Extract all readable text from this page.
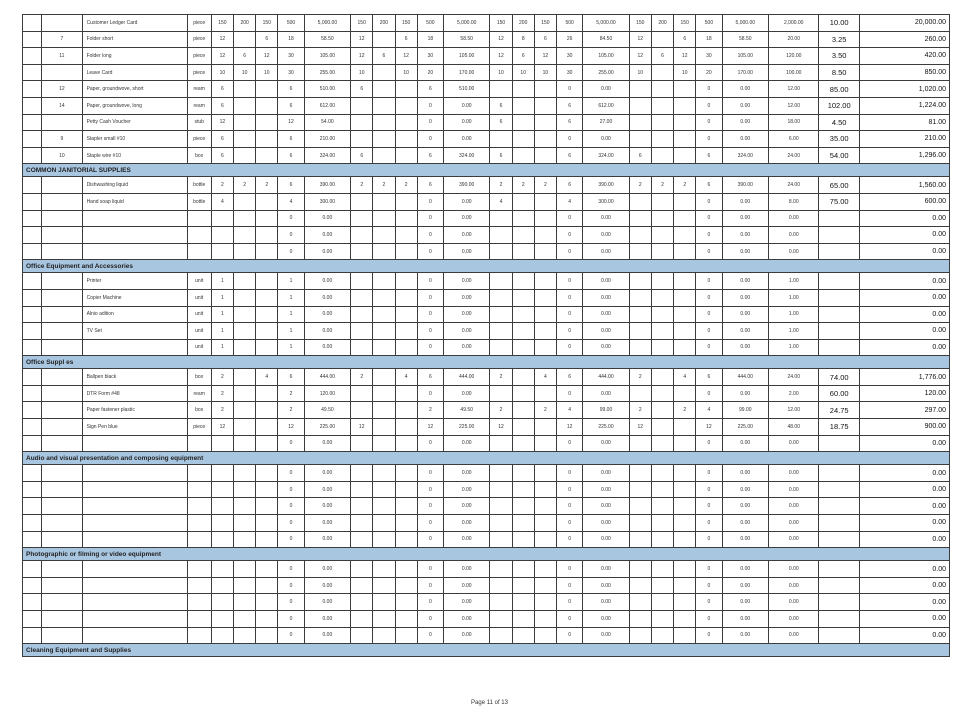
		Customer Ledger Card	piece	150	200	150	500	5,000.00	150	200	150	500	5,000.00	150	200	150	500	5,000.00	150	200	150	500	5,000.00	2,000.00	10.00	20,000.00
	7	Folder short	piece	12		6	18	58.50	12		6	18	58.50	12	8	6	26	84.50	12		6	18	58.50	20.00	3.25	260.00
	11	Folder long	piece	12	6	12	30	105.00	12	6	12	30	105.00	12	6	12	30	105.00	12	6	12	30	105.00	120.00	3.50	420.00
		Leave Card	piece	10	10	10	30	255.00	10		10	20	170.00	10	10	10	30	255.00	10		10	20	170.00	100.00	8.50	850.00
	12	Paper, groundwove, short	ream	6			6	510.00	6			6	510.00				0	0.00				0	0.00	12.00	85.00	1,020.00
	14	Paper, groundwove, long	ream	6			6	612.00				0	0.00	6			6	612.00				0	0.00	12.00	102.00	1,224.00
		Petty Cash Voucher	stub	12			12	54.00				0	0.00	6			6	27.00				0	0.00	18.00	4.50	81.00
	9	Stapler small #10	piece	6			6	210.00				0	0.00				0	0.00				0	0.00	6.00	35.00	210.00
	10	Staple wire #10	box	6			6	324.00	6			6	324.00	6			6	324.00	6			6	324.00	24.00	54.00	1,296.00
COMMON JANITORIAL SUPPLIES																										
		Dishwashing liquid	bottle	2	2	2	6	390.00	2	2	2	6	390.00	2	2	2	6	390.00	2	2	2	6	390.00	24.00	65.00	1,560.00
		Hand soap liquid	bottle	4			4	300.00				0	0.00	4			4	300.00				0	0.00	8.00	75.00	600.00
							0	0.00				0	0.00				0	0.00				0	0.00	0.00		0.00
							0	0.00				0	0.00				0	0.00				0	0.00	0.00		0.00
							0	0.00				0	0.00				0	0.00				0	0.00	0.00		0.00
Office Equipment and Accessories																										
		Printer	unit	1			1	0.00				0	0.00				0	0.00				0	0.00	1.00		0.00
		Copier Machine	unit	1			1	0.00				0	0.00				0	0.00				0	0.00	1.00		0.00
		Alnio adition	unit	1			1	0.00				0	0.00				0	0.00				0	0.00	1.00		0.00
		TV Set	unit	1			1	0.00				0	0.00				0	0.00				0	0.00	1.00		0.00
			unit	1			1	0.00				0	0.00				0	0.00				0	0.00	1.00		0.00
Office Suppl es																										
		Ballpen black	box	2		4	6	444.00	2		4	6	444.00	2		4	6	444.00	2		4	6	444.00	24.00	74.00	1,776.00
		DTR Form #48	ream	2			2	120.00				0	0.00				0	0.00				0	0.00	2.00	60.00	120.00
		Paper fastener plastic	box	2			2	49.50				2	49.50	2		2	4	99.00	2		2	4	99.00	12.00	24.75	297.00
		Sign Pen blue	piece	12			12	225.00	12			12	225.00	12			12	225.00	12			12	225.00	48.00	18.75	900.00
							0	0.00				0	0.00				0	0.00				0	0.00	0.00		0.00
Audio and visual presentation and composing equipment																										
							0	0.00				0	0.00				0	0.00				0	0.00	0.00		0.00
							0	0.00				0	0.00				0	0.00				0	0.00	0.00		0.00
							0	0.00				0	0.00				0	0.00				0	0.00	0.00		0.00
							0	0.00				0	0.00				0	0.00				0	0.00	0.00		0.00
							0	0.00				0	0.00				0	0.00				0	0.00	0.00		0.00
Photographic or filming or video equipment																										
							0	0.00				0	0.00				0	0.00				0	0.00	0.00		0.00
							0	0.00				0	0.00				0	0.00				0	0.00	0.00		0.00
							0	0.00				0	0.00				0	0.00				0	0.00	0.00		0.00
							0	0.00				0	0.00				0	0.00				0	0.00	0.00		0.00
							0	0.00				0	0.00				0	0.00				0	0.00	0.00		0.00
Cleaning Equipment and Supplies																										
Page 11 of 13
